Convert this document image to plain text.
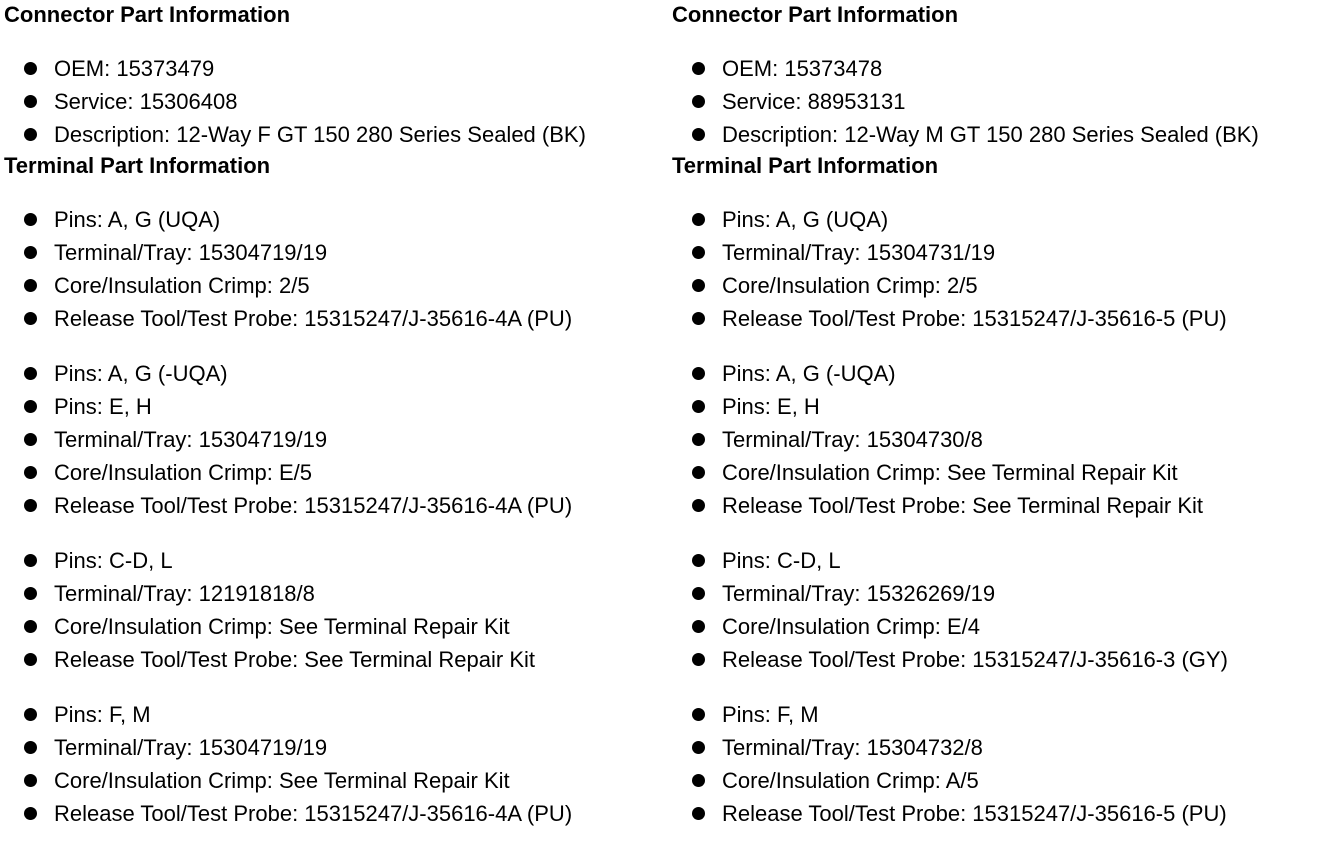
Connector Part Information
OEM: 15373479
Service: 15306408
Description: 12-Way F GT 150 280 Series Sealed (BK)
Terminal Part Information
Pins: A, G (UQA)
Terminal/Tray: 15304719/19
Core/Insulation Crimp: 2/5
Release Tool/Test Probe: 15315247/J-35616-4A (PU)
Pins: A, G (-UQA)
Pins: E, H
Terminal/Tray: 15304719/19
Core/Insulation Crimp: E/5
Release Tool/Test Probe: 15315247/J-35616-4A (PU)
Pins: C-D, L
Terminal/Tray: 12191818/8
Core/Insulation Crimp: See Terminal Repair Kit
Release Tool/Test Probe: See Terminal Repair Kit
Pins: F, M
Terminal/Tray: 15304719/19
Core/Insulation Crimp: See Terminal Repair Kit
Release Tool/Test Probe: 15315247/J-35616-4A (PU)
Connector Part Information
OEM: 15373478
Service: 88953131
Description: 12-Way M GT 150 280 Series Sealed (BK)
Terminal Part Information
Pins: A, G (UQA)
Terminal/Tray: 15304731/19
Core/Insulation Crimp: 2/5
Release Tool/Test Probe: 15315247/J-35616-5 (PU)
Pins: A, G (-UQA)
Pins: E, H
Terminal/Tray: 15304730/8
Core/Insulation Crimp: See Terminal Repair Kit
Release Tool/Test Probe: See Terminal Repair Kit
Pins: C-D, L
Terminal/Tray: 15326269/19
Core/Insulation Crimp: E/4
Release Tool/Test Probe: 15315247/J-35616-3 (GY)
Pins: F, M
Terminal/Tray: 15304732/8
Core/Insulation Crimp: A/5
Release Tool/Test Probe: 15315247/J-35616-5 (PU)
